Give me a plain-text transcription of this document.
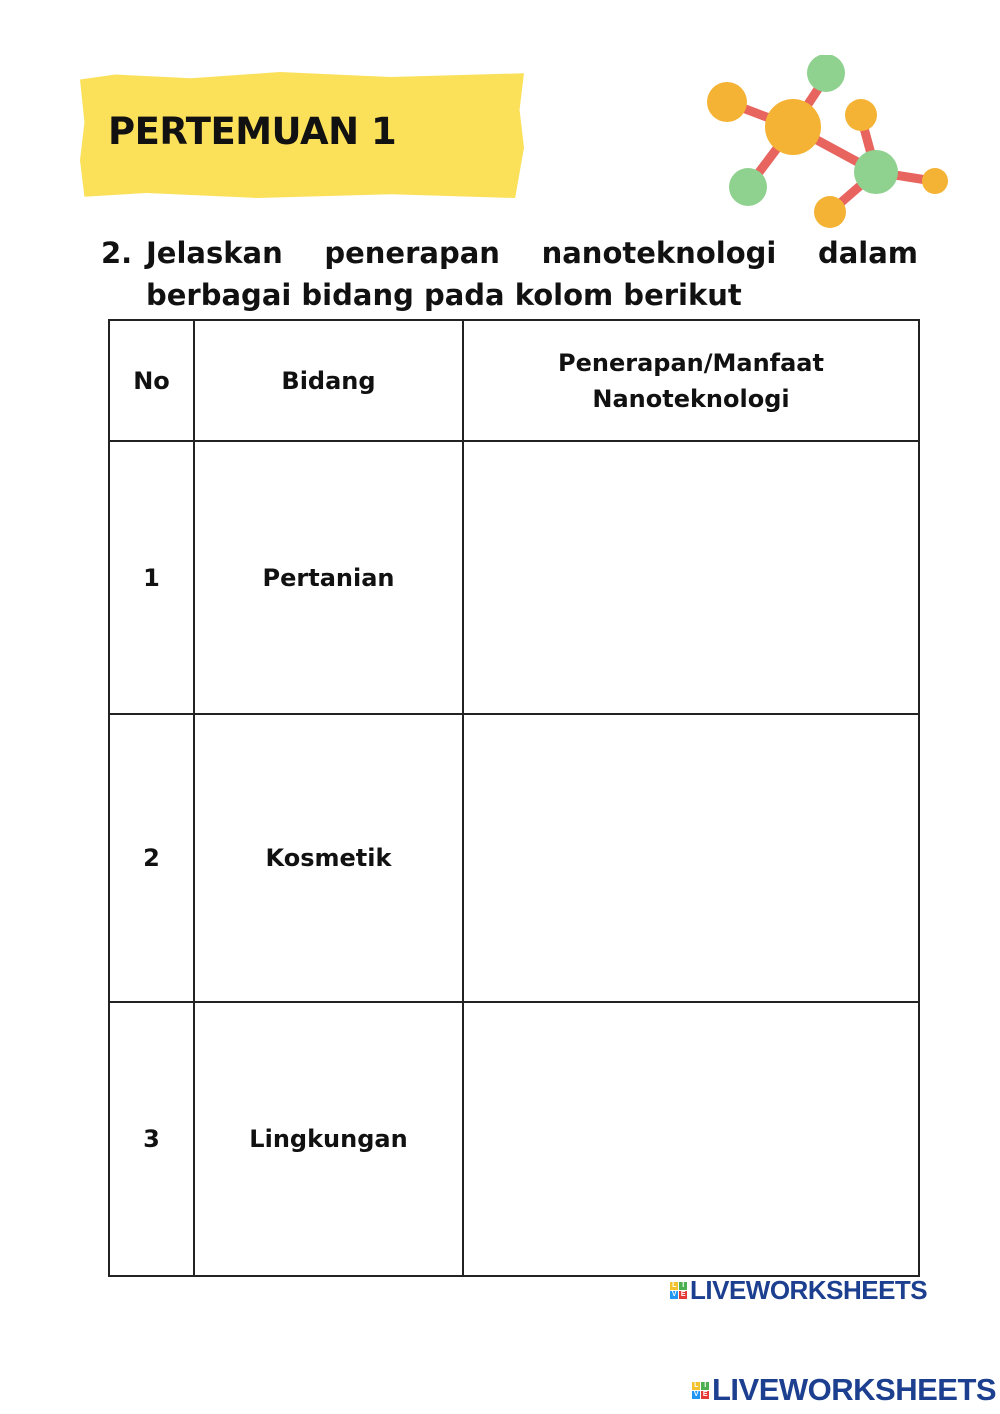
PERTEMUAN 1
2. Jelaskan penerapan nanoteknologi dalam
berbagai bidang pada kolom berikut
No	Bidang	Penerapan/Manfaat
Nanoteknologi

1	Pertanian	
2	Kosmetik	
3	Lingkungan	
L I
V E LIVEWORKSHEETS
L I
V E LIVEWORKSHEETS
